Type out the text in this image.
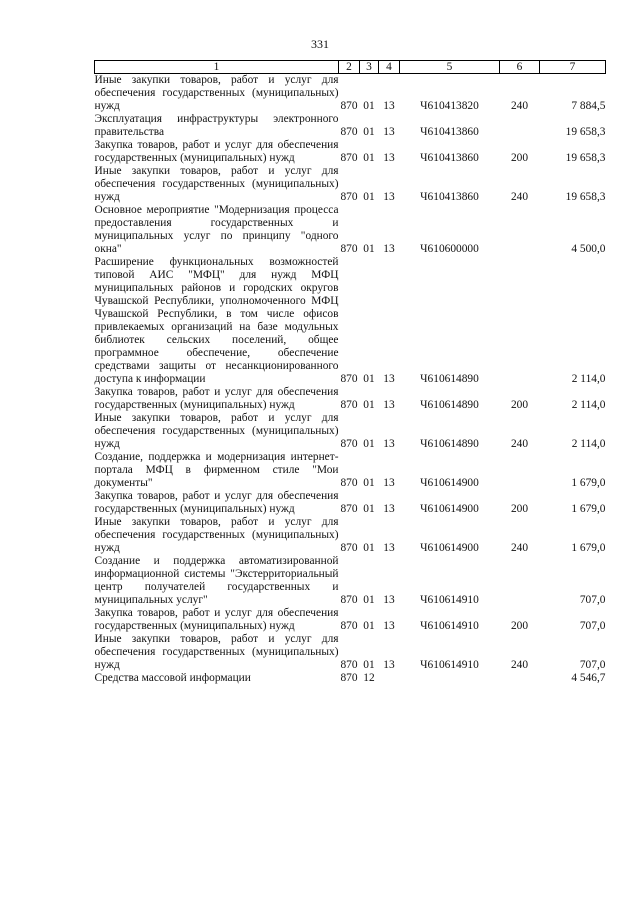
331
1	2	3	4	5	6	7
Иные закупки товаров, работ и услуг для обеспечения государственных (муниципальных) нужд	870	01	13	Ч610413820	240	7 884,5
Эксплуатация инфраструктуры электронного правительства	870	01	13	Ч610413860		19 658,3
Закупка товаров, работ и услуг для обеспечения государственных (муниципальных) нужд	870	01	13	Ч610413860	200	19 658,3
Иные закупки товаров, работ и услуг для обеспечения государственных (муниципальных) нужд	870	01	13	Ч610413860	240	19 658,3
Основное мероприятие "Модернизация процесса предоставления государственных и муниципальных услуг по принципу "одного окна"	870	01	13	Ч610600000		4 500,0
Расширение функциональных возможностей типовой АИС "МФЦ" для нужд МФЦ муниципальных районов и городских округов Чувашской Республики, уполномоченного МФЦ Чувашской Республики, в том числе офисов привлекаемых организаций на базе модульных библиотек сельских поселений, общее программное обеспечение, обеспечение средствами защиты от несанкционированного доступа к информации	870	01	13	Ч610614890		2 114,0
Закупка товаров, работ и услуг для обеспечения государственных (муниципальных) нужд	870	01	13	Ч610614890	200	2 114,0
Иные закупки товаров, работ и услуг для обеспечения государственных (муниципальных) нужд	870	01	13	Ч610614890	240	2 114,0
Создание, поддержка и модернизация интернет-портала МФЦ в фирменном стиле "Мои документы"	870	01	13	Ч610614900		1 679,0
Закупка товаров, работ и услуг для обеспечения государственных (муниципальных) нужд	870	01	13	Ч610614900	200	1 679,0
Иные закупки товаров, работ и услуг для обеспечения государственных (муниципальных) нужд	870	01	13	Ч610614900	240	1 679,0
Создание и поддержка автоматизированной информационной системы "Экстерриториальный центр получателей государственных и муниципальных услуг"	870	01	13	Ч610614910		707,0
Закупка товаров, работ и услуг для обеспечения государственных (муниципальных) нужд	870	01	13	Ч610614910	200	707,0
Иные закупки товаров, работ и услуг для обеспечения государственных (муниципальных) нужд	870	01	13	Ч610614910	240	707,0
Средства массовой информации	870	12				4 546,7
